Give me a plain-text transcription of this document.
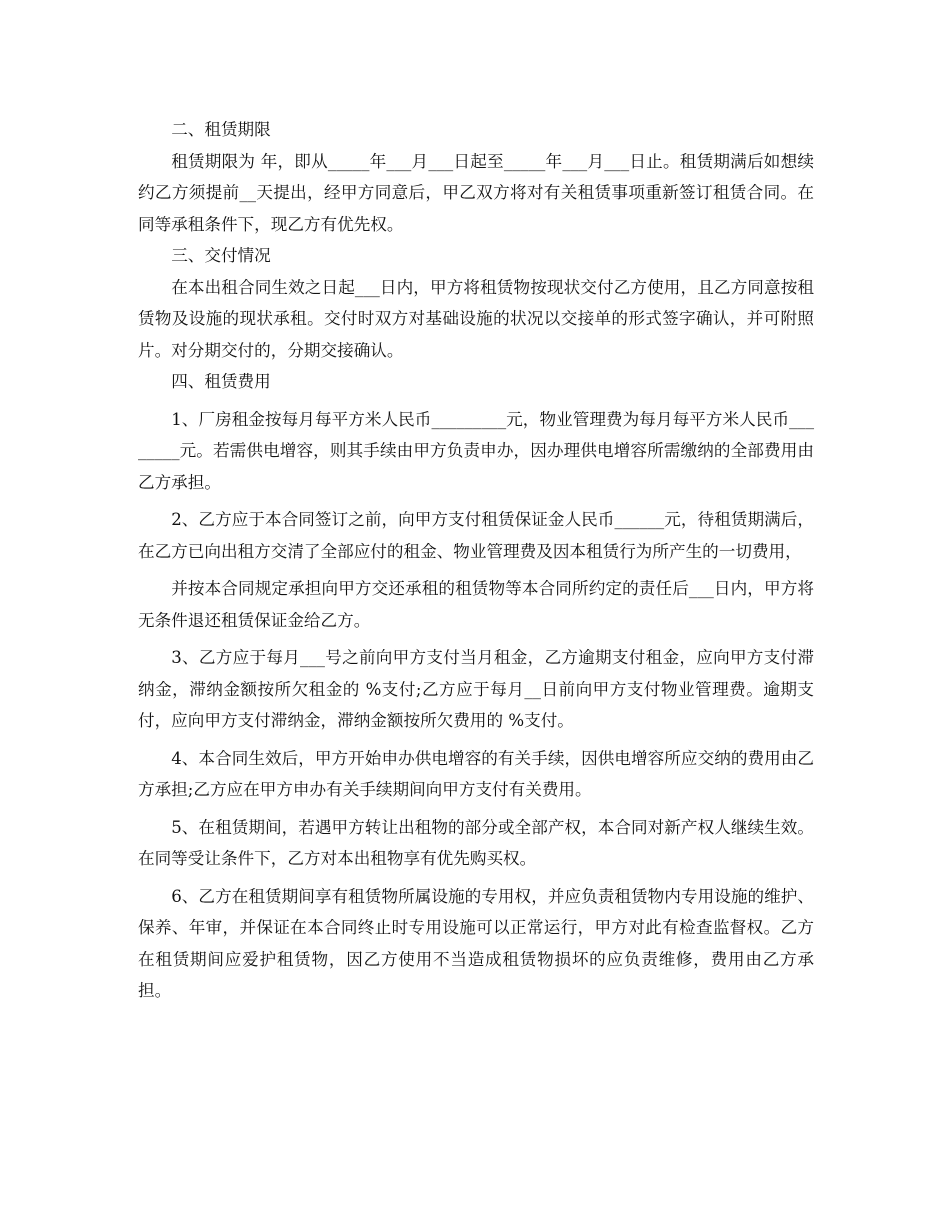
二、租赁期限

租赁期限为 年，即从_____年___月___日起至_____年___月___日止。租赁期满后如想续约乙方须提前__天提出，经甲方同意后，甲乙双方将对有关租赁事项重新签订租赁合同。在同等承租条件下，现乙方有优先权。

三、交付情况

在本出租合同生效之日起___日内，甲方将租赁物按现状交付乙方使用，且乙方同意按租赁物及设施的现状承租。交付时双方对基础设施的状况以交接单的形式签字确认，并可附照片。对分期交付的，分期交接确认。

四、租赁费用

1、厂房租金按每月每平方米人民币_________元，物业管理费为每月每平方米人民币________元。若需供电增容，则其手续由甲方负责申办，因办理供电增容所需缴纳的全部费用由乙方承担。

2、乙方应于本合同签订之前，向甲方支付租赁保证金人民币______元，待租赁期满后，在乙方已向出租方交清了全部应付的租金、物业管理费及因本租赁行为所产生的一切费用，

并按本合同规定承担向甲方交还承租的租赁物等本合同所约定的责任后___日内，甲方将无条件退还租赁保证金给乙方。

3、乙方应于每月___号之前向甲方支付当月租金，乙方逾期支付租金，应向甲方支付滞纳金，滞纳金额按所欠租金的 %支付;乙方应于每月__日前向甲方支付物业管理费。逾期支付，应向甲方支付滞纳金，滞纳金额按所欠费用的 %支付。

4、本合同生效后，甲方开始申办供电增容的有关手续，因供电增容所应交纳的费用由乙方承担;乙方应在甲方申办有关手续期间向甲方支付有关费用。

5、在租赁期间，若遇甲方转让出租物的部分或全部产权，本合同对新产权人继续生效。在同等受让条件下，乙方对本出租物享有优先购买权。

6、乙方在租赁期间享有租赁物所属设施的专用权，并应负责租赁物内专用设施的维护、保养、年审，并保证在本合同终止时专用设施可以正常运行，甲方对此有检查监督权。乙方在租赁期间应爱护租赁物，因乙方使用不当造成租赁物损坏的应负责维修，费用由乙方承担。
